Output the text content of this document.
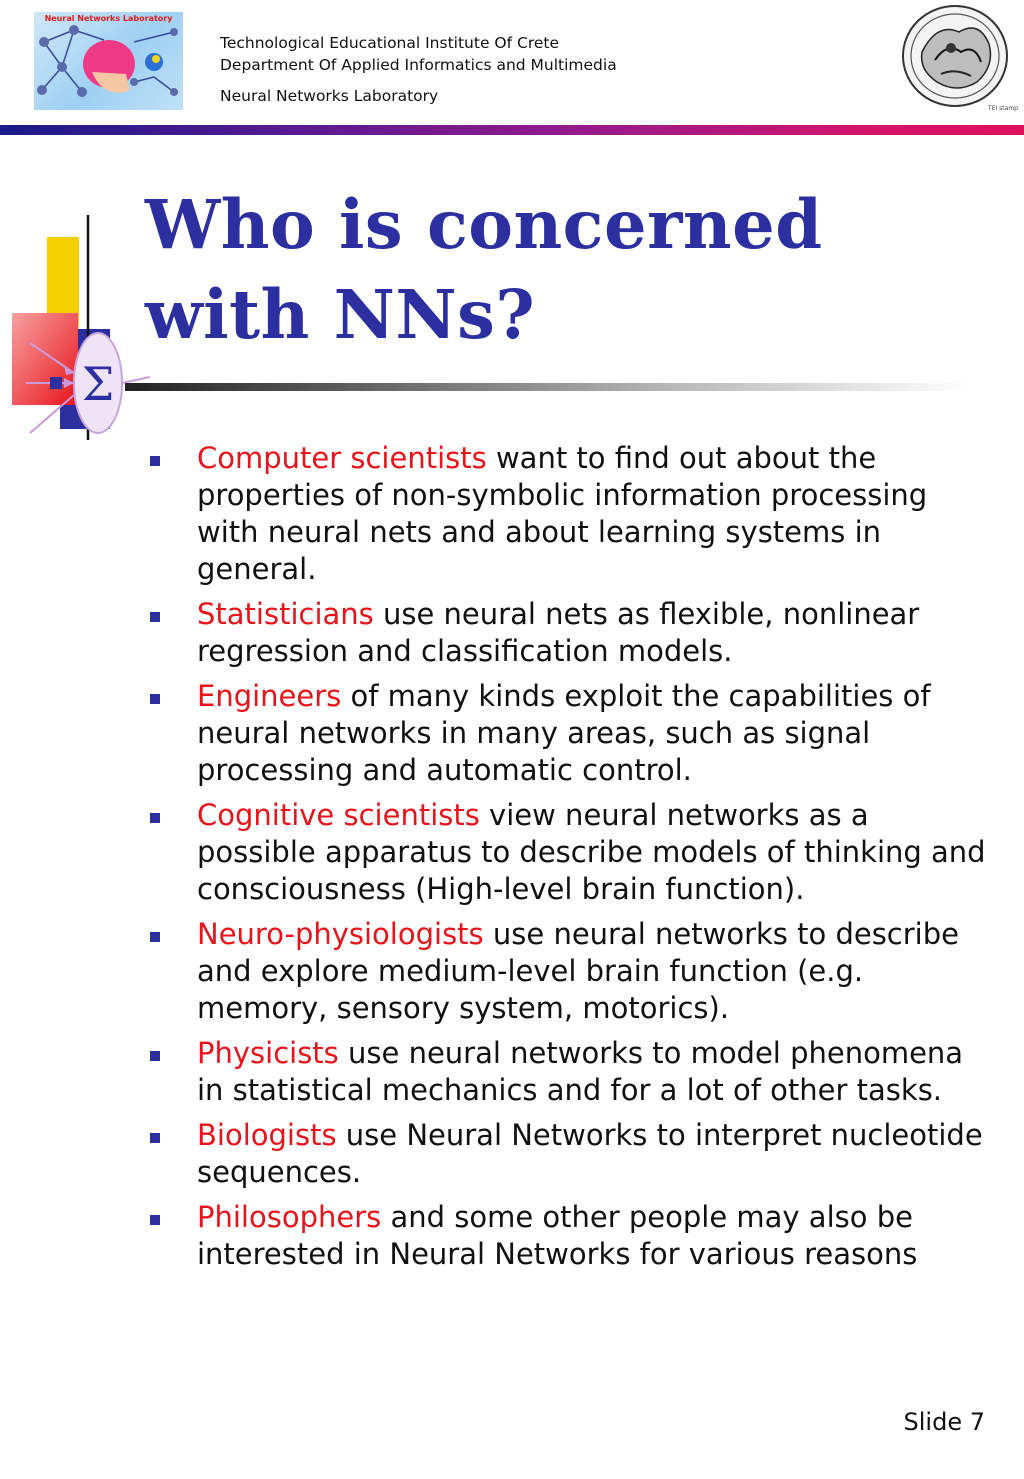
Neural Networks Laboratory
Technological Educational Institute Of Crete
Department Of Applied Informatics and Multimedia
Neural Networks Laboratory
TEI stamp
Σ
Who is concerned with NNs?
Computer scientists want to find out about the properties of non-symbolic information processing with neural nets and about learning systems in general.
Statisticians use neural nets as flexible, nonlinear regression and classification models.
Engineers of many kinds exploit the capabilities of neural networks in many areas, such as signal processing and automatic control.
Cognitive scientists view neural networks as a possible apparatus to describe models of thinking and consciousness (High-level brain function).
Neuro-physiologists use neural networks to describe and explore medium-level brain function (e.g. memory, sensory system, motorics).
Physicists use neural networks to model phenomena in statistical mechanics and for a lot of other tasks.
Biologists use Neural Networks to interpret nucleotide sequences.
Philosophers and some other people may also be interested in Neural Networks for various reasons
Slide 7
